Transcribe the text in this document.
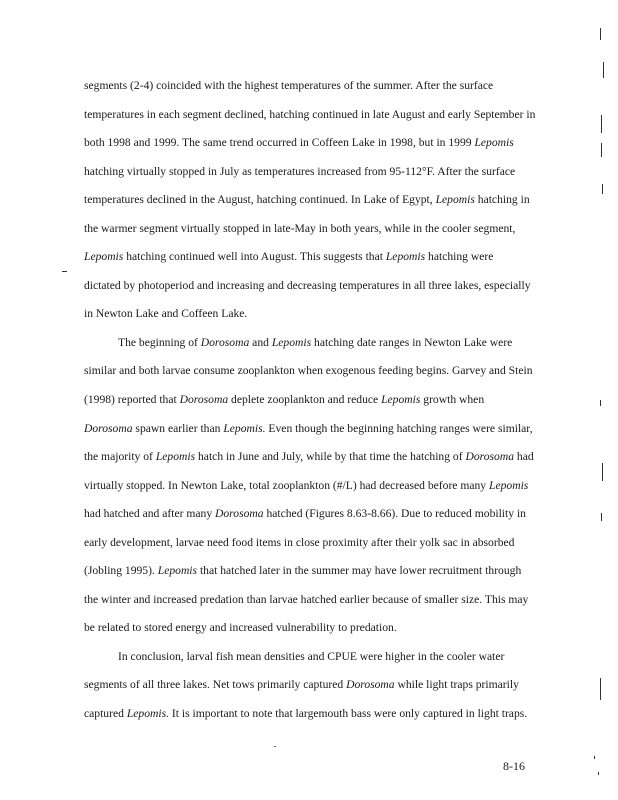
segments (2-4) coincided with the highest temperatures of the summer. After the surface
temperatures in each segment declined, hatching continued in late August and early September in
both 1998 and 1999. The same trend occurred in Coffeen Lake in 1998, but in 1999 Lepomis
hatching virtually stopped in July as temperatures increased from 95-112°F. After the surface
temperatures declined in the August, hatching continued. In Lake of Egypt, Lepomis hatching in
the warmer segment virtually stopped in late-May in both years, while in the cooler segment,
Lepomis hatching continued well into August. This suggests that Lepomis hatching were
dictated by photoperiod and increasing and decreasing temperatures in all three lakes, especially
in Newton Lake and Coffeen Lake.
The beginning of Dorosoma and Lepomis hatching date ranges in Newton Lake were
similar and both larvae consume zooplankton when exogenous feeding begins. Garvey and Stein
(1998) reported that Dorosoma deplete zooplankton and reduce Lepomis growth when
Dorosoma spawn earlier than Lepomis. Even though the beginning hatching ranges were similar,
the majority of Lepomis hatch in June and July, while by that time the hatching of Dorosoma had
virtually stopped. In Newton Lake, total zooplankton (#/L) had decreased before many Lepomis
had hatched and after many Dorosoma hatched (Figures 8.63-8.66). Due to reduced mobility in
early development, larvae need food items in close proximity after their yolk sac in absorbed
(Jobling 1995). Lepomis that hatched later in the summer may have lower recruitment through
the winter and increased predation than larvae hatched earlier because of smaller size. This may
be related to stored energy and increased vulnerability to predation.
In conclusion, larval fish mean densities and CPUE were higher in the cooler water
segments of all three lakes. Net tows primarily captured Dorosoma while light traps primarily
captured Lepomis. It is important to note that largemouth bass were only captured in light traps.
8-16
